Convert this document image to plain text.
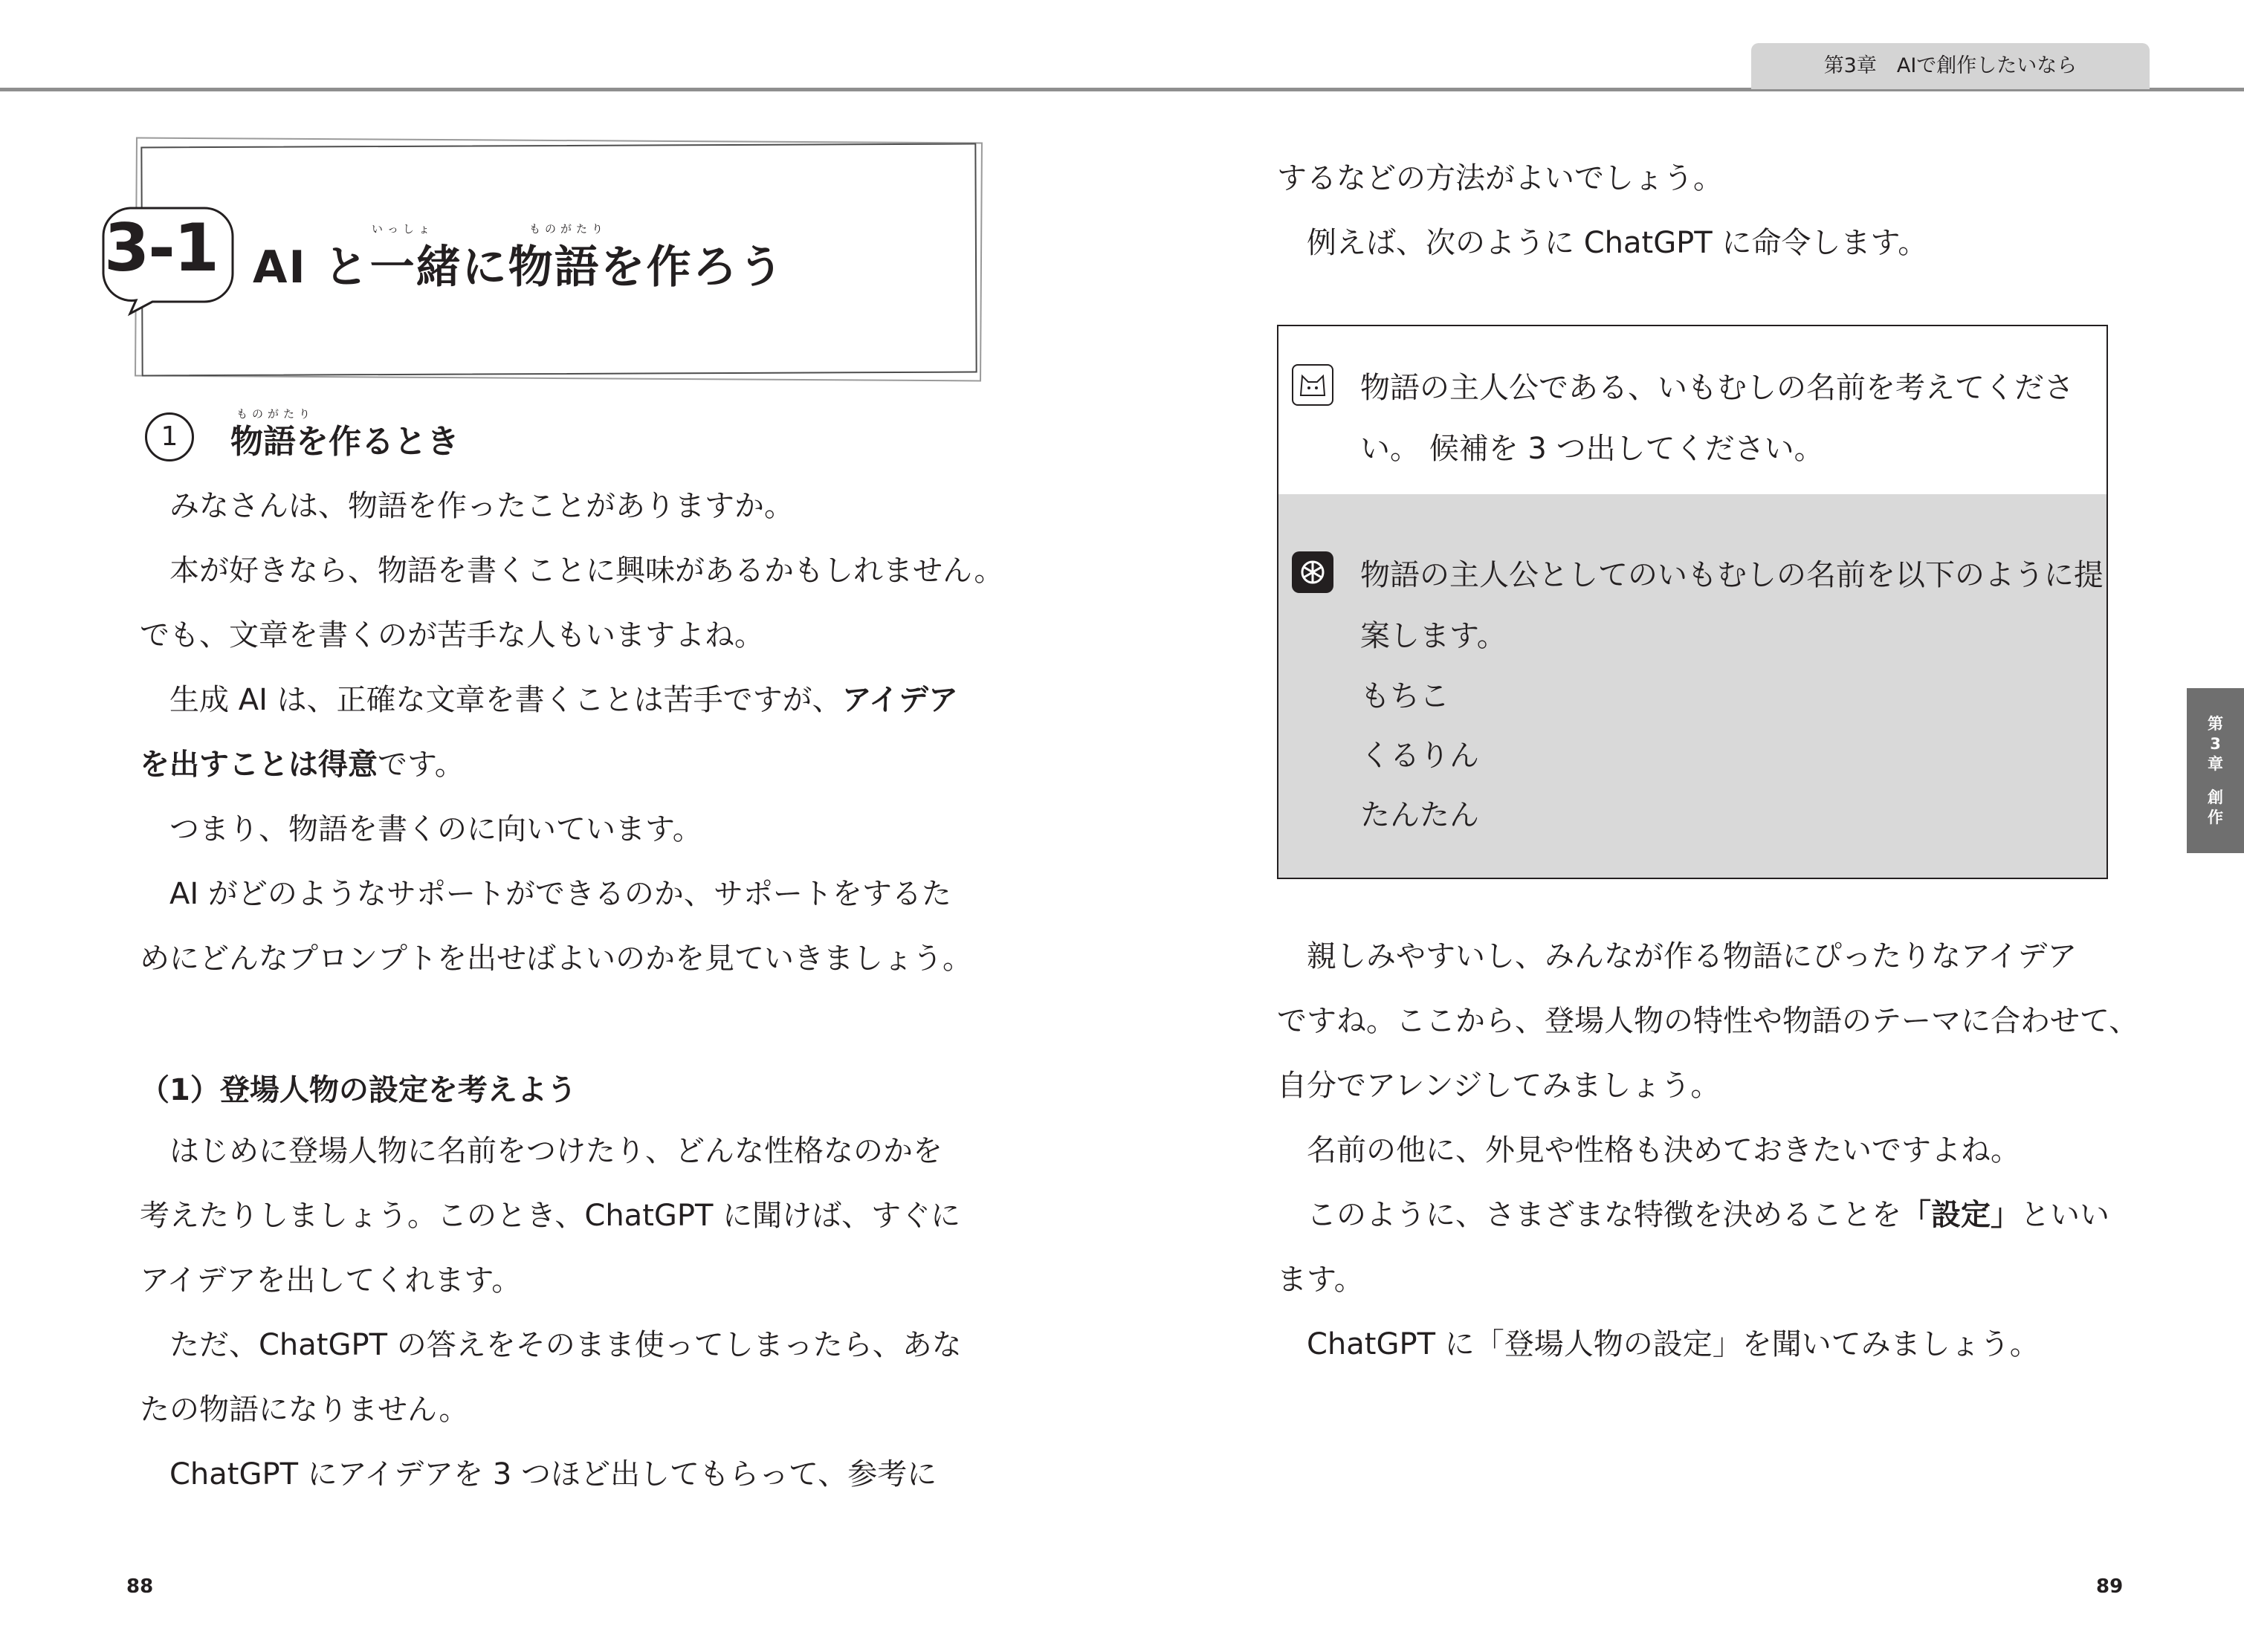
第3章　AIで創作したいなら
第
3
章
創
作
3-1 AI と一緒に物語を作ろう
いっしょ	ものがたり
1
ものがたり
物語を作るとき
　みなさんは、物語を作ったことがありますか。
　本が好きなら、物語を書くことに興味があるかもしれません。
でも、文章を書くのが苦手な人もいますよね。
　生成 AI は、正確な文章を書くことは苦手ですが、アイデア
を出すことは得意です。
　つまり、物語を書くのに向いています。
　AI がどのようなサポートができるのか、サポートをするた
めにどんなプロンプトを出せばよいのかを見ていきましょう。
（1）登場人物の設定を考えよう
　はじめに登場人物に名前をつけたり、どんな性格なのかを
考えたりしましょう。このとき、ChatGPT に聞けば、すぐに
アイデアを出してくれます。
　ただ、ChatGPT の答えをそのまま使ってしまったら、あな
たの物語になりません。
　ChatGPT にアイデアを 3 つほど出してもらって、参考に
するなどの方法がよいでしょう。
　例えば、次のように ChatGPT に命令します。
物語の主人公である、いもむしの名前を考えてくださ
い。 候補を 3 つ出してください。
物語の主人公としてのいもむしの名前を以下のように提
案します。
もちこ
くるりん
たんたん
　親しみやすいし、みんなが作る物語にぴったりなアイデア
ですね。ここから、登場人物の特性や物語のテーマに合わせて、
自分でアレンジしてみましょう。
　名前の他に、外見や性格も決めておきたいですよね。
　このように、さまざまな特徴を決めることを「設定」といい
ます。
　ChatGPT に「登場人物の設定」を聞いてみましょう。
88	89
